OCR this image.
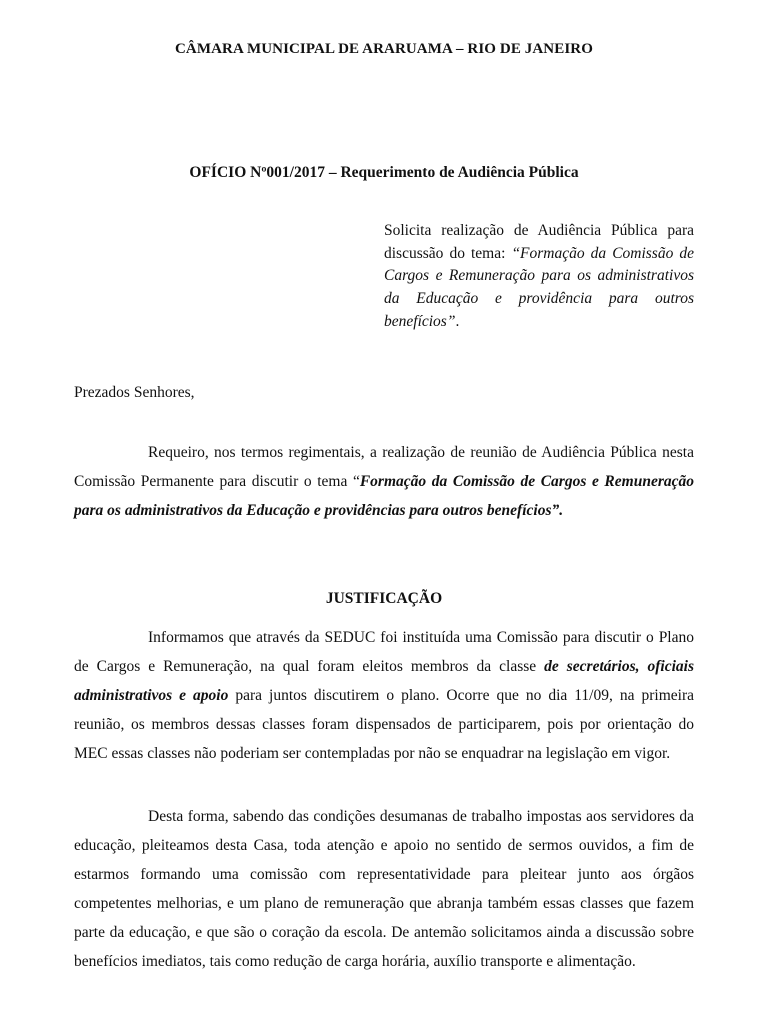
CÂMARA MUNICIPAL DE ARARUAMA – RIO DE JANEIRO
OFÍCIO Nº001/2017 – Requerimento de Audiência Pública
Solicita realização de Audiência Pública para discussão do tema: “Formação da Comissão de Cargos e Remuneração para os administrativos da Educação e providência para outros benefícios”.
Prezados Senhores,
Requeiro, nos termos regimentais, a realização de reunião de Audiência Pública nesta Comissão Permanente para discutir o tema “Formação da Comissão de Cargos e Remuneração para os administrativos da Educação e providências para outros benefícios”.
JUSTIFICAÇÃO
Informamos que através da SEDUC foi instituída uma Comissão para discutir o Plano de Cargos e Remuneração, na qual foram eleitos membros da classe de secretários, oficiais administrativos e apoio para juntos discutirem o plano. Ocorre que no dia 11/09, na primeira reunião, os membros dessas classes foram dispensados de participarem, pois por orientação do MEC essas classes não poderiam ser contempladas por não se enquadrar na legislação em vigor.
Desta forma, sabendo das condições desumanas de trabalho impostas aos servidores da educação, pleiteamos desta Casa, toda atenção e apoio no sentido de sermos ouvidos, a fim de estarmos formando uma comissão com representatividade para pleitear junto aos órgãos competentes melhorias, e um plano de remuneração que abranja também essas classes que fazem parte da educação, e que são o coração da escola. De antemão solicitamos ainda a discussão sobre benefícios imediatos, tais como redução de carga horária, auxílio transporte e alimentação.
